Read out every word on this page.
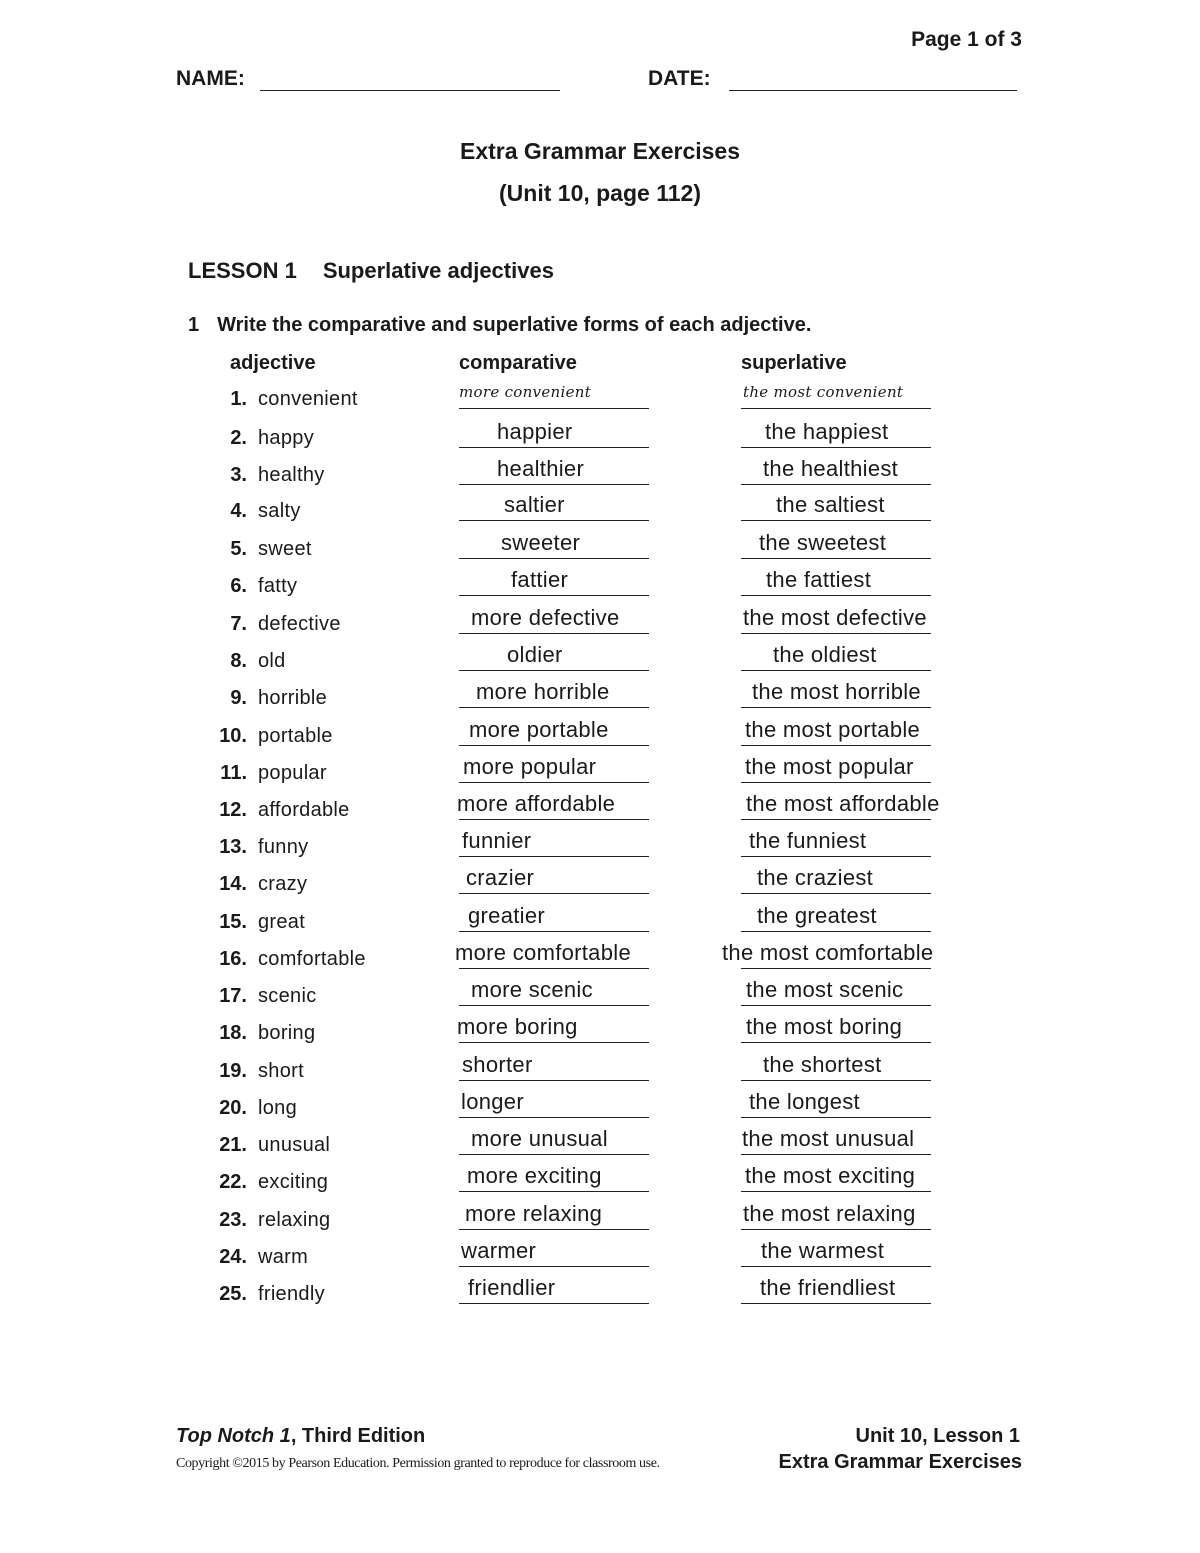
Page 1 of 3
NAME:	DATE:
Extra Grammar Exercises
(Unit 10, page 112)
LESSON 1 Superlative adjectives
1 Write the comparative and superlative forms of each adjective.
adjective	comparative	superlative
1. convenient	more convenient	the most convenient
2. happy	happier	the happiest
3. healthy	healthier	the healthiest
4. salty	saltier	the saltiest
5. sweet	sweeter	the sweetest
6. fatty	fattier	the fattiest
7. defective	more defective	the most defective
8. old	oldier	the oldiest
9. horrible	more horrible	the most horrible
10. portable	more portable	the most portable
11. popular	more popular	the most popular
12. affordable	more affordable	the most affordable
13. funny	funnier	the funniest
14. crazy	crazier	the craziest
15. great	greatier	the greatest
16. comfortable	more comfortable	the most comfortable
17. scenic	more scenic	the most scenic
18. boring	more boring	the most boring
19. short	shorter	the shortest
20. long	longer	the longest
21. unusual	more unusual	the most unusual
22. exciting	more exciting	the most exciting
23. relaxing	more relaxing	the most relaxing
24. warm	warmer	the warmest
25. friendly	friendlier	the friendliest
Top Notch 1, Third Edition	Unit 10, Lesson 1
Copyright ©2015 by Pearson Education. Permission granted to reproduce for classroom use.	Extra Grammar Exercises
